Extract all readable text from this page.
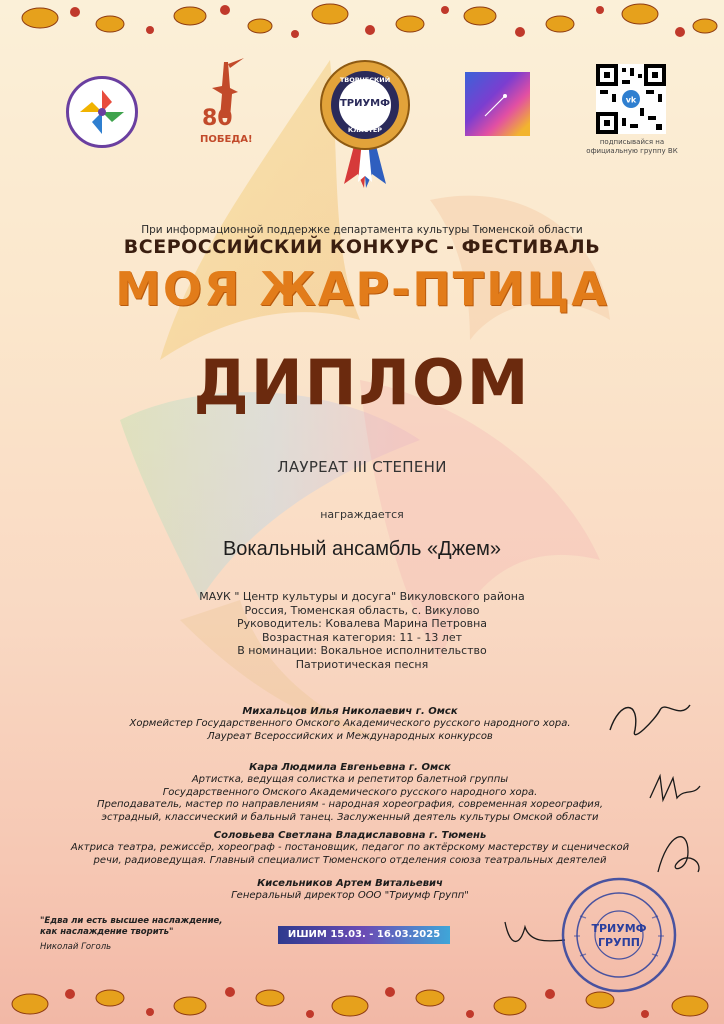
80
ПОБЕДА!
ТВОРЧЕСКИЙ
ТРИУМФ
КЛАСТЕР
vk
подписывайся на официальную группу ВК
При информационной поддержке департамента культуры Тюменской области
ВСЕРОССИЙСКИЙ КОНКУРС - ФЕСТИВАЛЬ
МОЯ ЖАР-ПТИЦА
ДИПЛОМ
ЛАУРЕАТ III СТЕПЕНИ
награждается
Вокальный ансамбль «Джем»
МАУК " Центр культуры и досуга" Викуловского района
Россия, Тюменская область, с. Викулово
Руководитель: Ковалева Марина Петровна
Возрастная категория: 11 - 13 лет
В номинации: Вокальное исполнительство
Патриотическая песня
Михальцов Илья Николаевич г. Омск
Хормейстер Государственного Омского Академического русского народного хора.
Лауреат Всероссийских и Международных конкурсов
Кара Людмила Евгеньевна г. Омск
Артистка, ведущая солистка и репетитор балетной группы
Государственного Омского Академического русского народного хора.
Преподаватель, мастер по направлениям - народная хореография, современная хореография,
эстрадный, классический и бальный танец. Заслуженный деятель культуры Омской области
Соловьева Светлана Владиславовна г. Тюмень
Актриса театра, режиссёр, хореограф - постановщик, педагог по актёрскому мастерству и сценической
речи, радиоведущая. Главный специалист Тюменского отделения союза театральных деятелей
Кисельников Артем Витальевич
Генеральный директор ООО "Триумф Групп"
"Едва ли есть высшее наслаждение,
как наслаждение творить"
Николай Гоголь
ИШИМ 15.03. - 16.03.2025	ТРИУМФ
ГРУПП
